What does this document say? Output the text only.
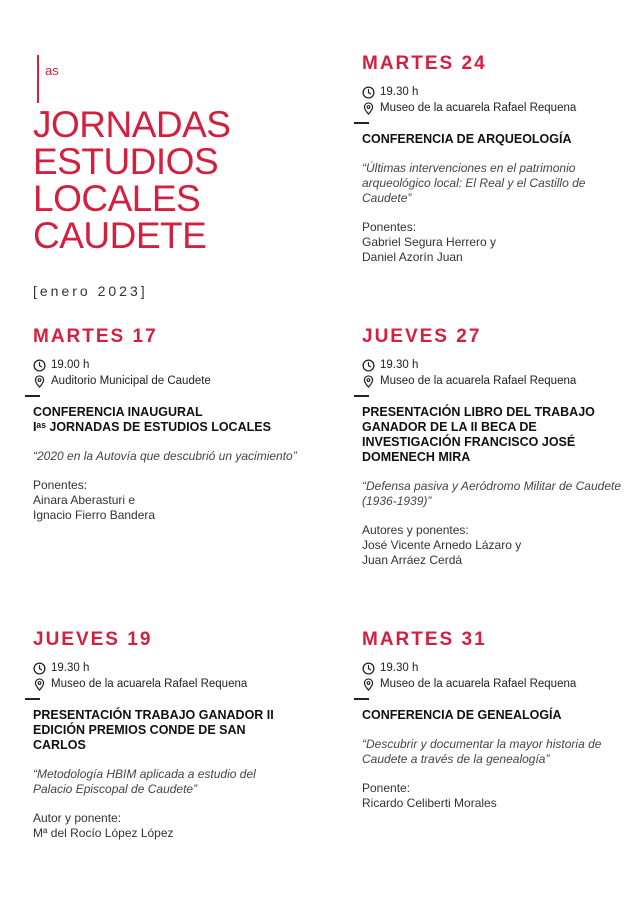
as
JORNADAS
ESTUDIOS
LOCALES
CAUDETE
[enero 2023]
MARTES 24
19.30 h
Museo de la acuarela Rafael Requena
CONFERENCIA DE ARQUEOLOGÍA
“Últimas intervenciones en el patrimonio arqueológico local: El Real y el Castillo de Caudete”

Ponentes:

Gabriel Segura Herrero y

Daniel Azorín Juan

MARTES 17
19.00 h
Auditorio Municipal de Caudete
CONFERENCIA INAUGURAL
Iᵃˢ JORNADAS DE ESTUDIOS LOCALES
“2020 en la Autovía que descubrió un yacimiento”

Ponentes:

Ainara Aberasturi e

Ignacio Fierro Bandera

JUEVES 27
19.30 h
Museo de la acuarela Rafael Requena
PRESENTACIÓN LIBRO DEL TRABAJO GANADOR DE LA II BECA DE INVESTIGACIÓN FRANCISCO JOSÉ DOMENECH MIRA
“Defensa pasiva y Aeródromo Militar de Caudete (1936-1939)”

Autores y ponentes:

José Vicente Arnedo Lázaro y

Juan Arráez Cerdá

JUEVES 19
19.30 h
Museo de la acuarela Rafael Requena
PRESENTACIÓN TRABAJO GANADOR II EDICIÓN PREMIOS CONDE DE SAN CARLOS
“Metodología HBIM aplicada a estudio del Palacio Episcopal de Caudete”

Autor y ponente:

Mª del Rocío López López

MARTES 31
19.30 h
Museo de la acuarela Rafael Requena
CONFERENCIA DE GENEALOGÍA
“Descubrir y documentar la mayor historia de Caudete a través de la genealogía”

Ponente:

Ricardo Celiberti Morales
